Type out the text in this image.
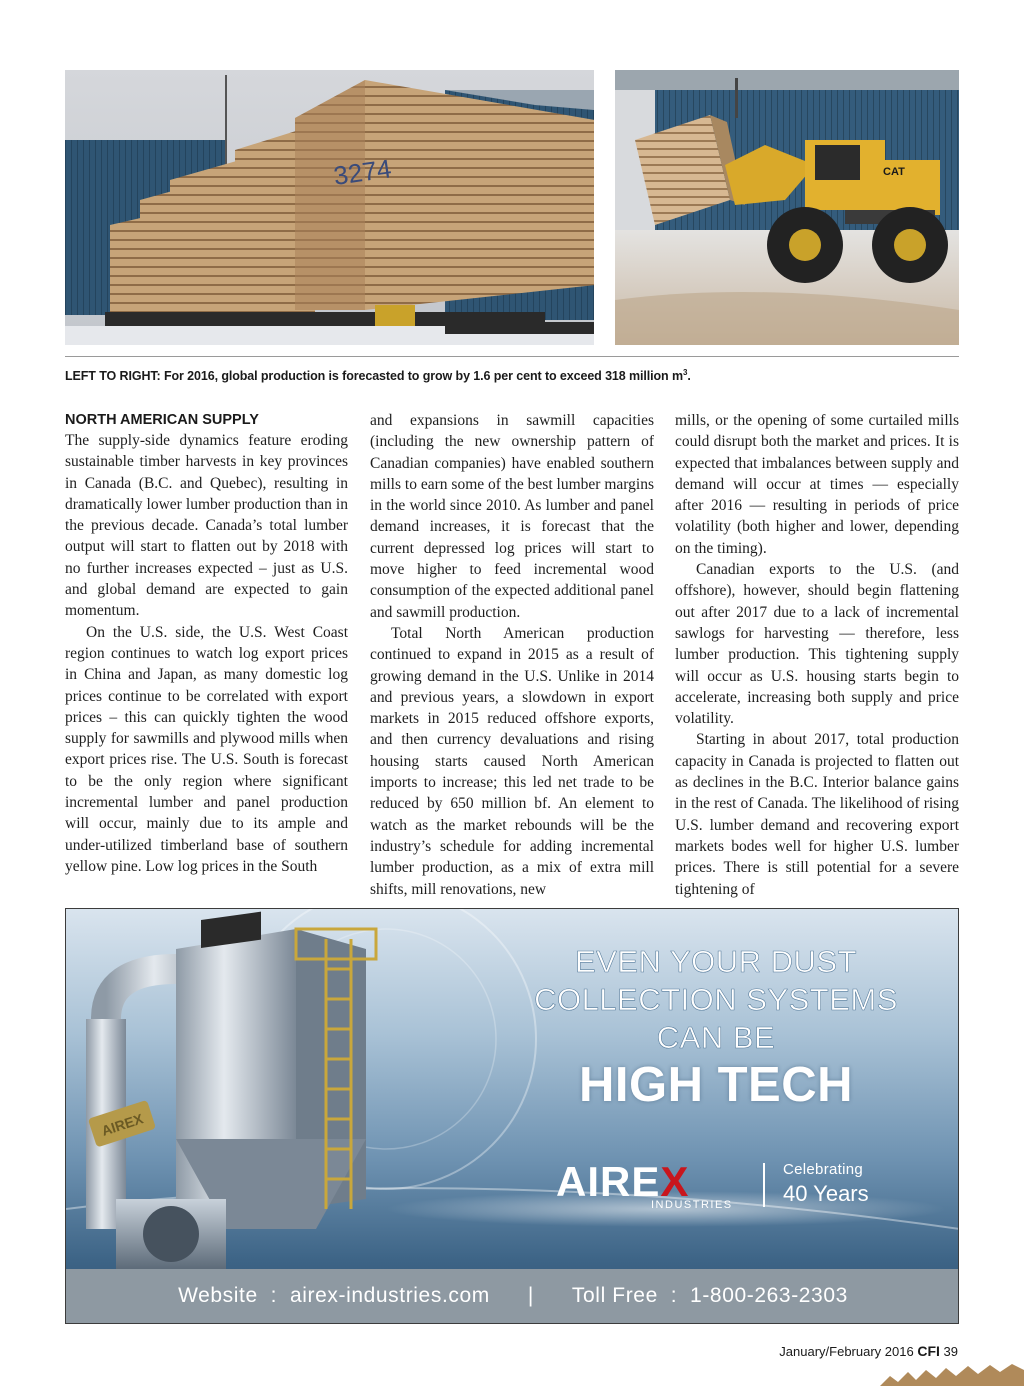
3274	CAT
LEFT TO RIGHT: For 2016, global production is forecasted to grow by 1.6 per cent to exceed 318 million $m^3$.

NORTH AMERICAN SUPPLY

The supply-side dynamics feature eroding sustainable timber harvests in key provinces in Canada (B.C. and Quebec), resulting in dramatically lower lumber production than in the previous decade. Canada’s total lumber output will start to flatten out by 2018 with no further increases expected – just as U.S. and global demand are expected to gain momentum.

On the U.S. side, the U.S. West Coast region continues to watch log export prices in China and Japan, as many domestic log prices continue to be correlated with export prices – this can quickly tighten the wood supply for sawmills and plywood mills when export prices rise. The U.S. South is forecast to be the only region where significant incremental lumber and panel production will occur, mainly due to its ample and under-utilized timberland base of southern yellow pine. Low log prices in the South

and expansions in sawmill capacities (including the new ownership pattern of Canadian companies) have enabled southern mills to earn some of the best lumber margins in the world since 2010. As lumber and panel demand increases, it is forecast that the current depressed log prices will start to move higher to feed incremental wood consumption of the expected additional panel and sawmill production.

Total North American production continued to expand in 2015 as a result of growing demand in the U.S. Unlike in 2014 and previous years, a slowdown in export markets in 2015 reduced offshore exports, and then currency devaluations and rising housing starts caused North American imports to increase; this led net trade to be reduced by 650 million bf. An element to watch as the market rebounds will be the industry’s schedule for adding incremental lumber production, as a mix of extra mill shifts, mill renovations, new

mills, or the opening of some curtailed mills could disrupt both the market and prices. It is expected that imbalances between supply and demand will occur at times — especially after 2016 — resulting in periods of price volatility (both higher and lower, depending on the timing).

Canadian exports to the U.S. (and offshore), however, should begin flattening out after 2017 due to a lack of incremental sawlogs for harvesting — therefore, less lumber production. This tightening supply will occur as U.S. housing starts begin to accelerate, increasing both supply and price volatility.

Starting in about 2017, total production capacity in Canada is projected to flatten out as declines in the B.C. Interior balance gains in the rest of Canada. The likelihood of rising U.S. lumber demand and recovering export markets bodes well for higher U.S. lumber prices. There is still potential for a severe tightening of

AIREX
EVEN YOUR DUST
COLLECTION SYSTEMS
CAN BE
HIGH TECH
AIREX
INDUSTRIES
Celebrating
40 Years
Website
:
airex-industries.com | Toll Free
:
1-800-263-2303
January/February 2016 CFI 39
